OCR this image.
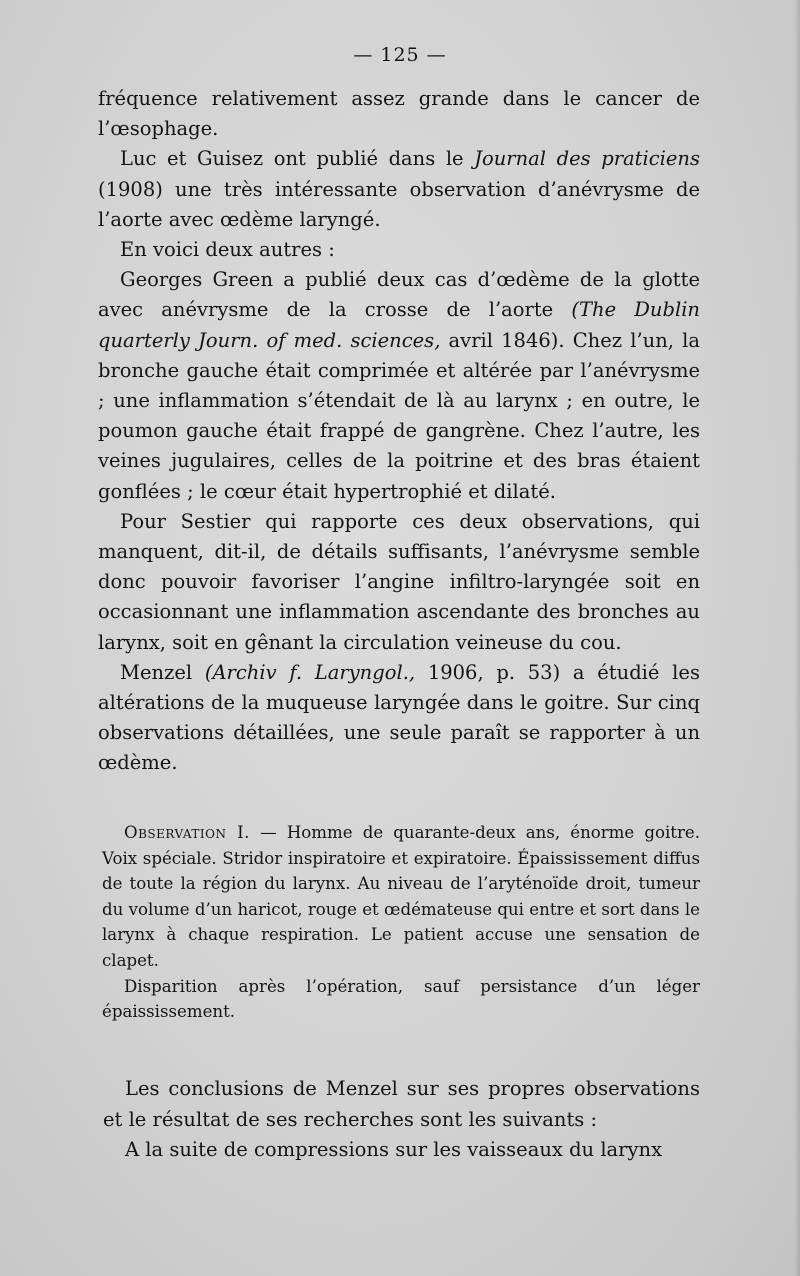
— 125 —

fréquence relativement assez grande dans le cancer de l’œsophage.

Luc et Guisez ont publié dans le Journal des praticiens (1908) une très intéressante observation d’anévrysme de l’aorte avec œdème laryngé.

En voici deux autres :

Georges Green a publié deux cas d’œdème de la glotte avec anévrysme de la crosse de l’aorte (The Dublin quarterly Journ. of med. sciences, avril 1846). Chez l’un, la bronche gauche était comprimée et altérée par l’anévrysme ; une inflammation s’étendait de là au larynx ; en outre, le poumon gauche était frappé de gangrène. Chez l’autre, les veines jugulaires, celles de la poitrine et des bras étaient gonflées ; le cœur était hypertrophié et dilaté.

Pour Sestier qui rapporte ces deux observations, qui manquent, dit-il, de détails suffisants, l’anévrysme semble donc pouvoir favoriser l’angine infiltro-laryngée soit en occasionnant une inflammation ascendante des bronches au larynx, soit en gênant la circulation veineuse du cou.

Menzel (Archiv f. Laryngol., 1906, p. 53) a étudié les altérations de la muqueuse laryngée dans le goitre. Sur cinq observations détaillées, une seule paraît se rapporter à un œdème.

Observation I. — Homme de quarante-deux ans, énorme goitre. Voix spéciale. Stridor inspiratoire et expiratoire. Épaississement diffus de toute la région du larynx. Au niveau de l’aryténoïde droit, tumeur du volume d’un haricot, rouge et œdémateuse qui entre et sort dans le larynx à chaque respiration. Le patient accuse une sensation de clapet.

Disparition après l’opération, sauf persistance d’un léger épaississement.

Les conclusions de Menzel sur ses propres observations et le résultat de ses recherches sont les suivants :

A la suite de compressions sur les vaisseaux du larynx
